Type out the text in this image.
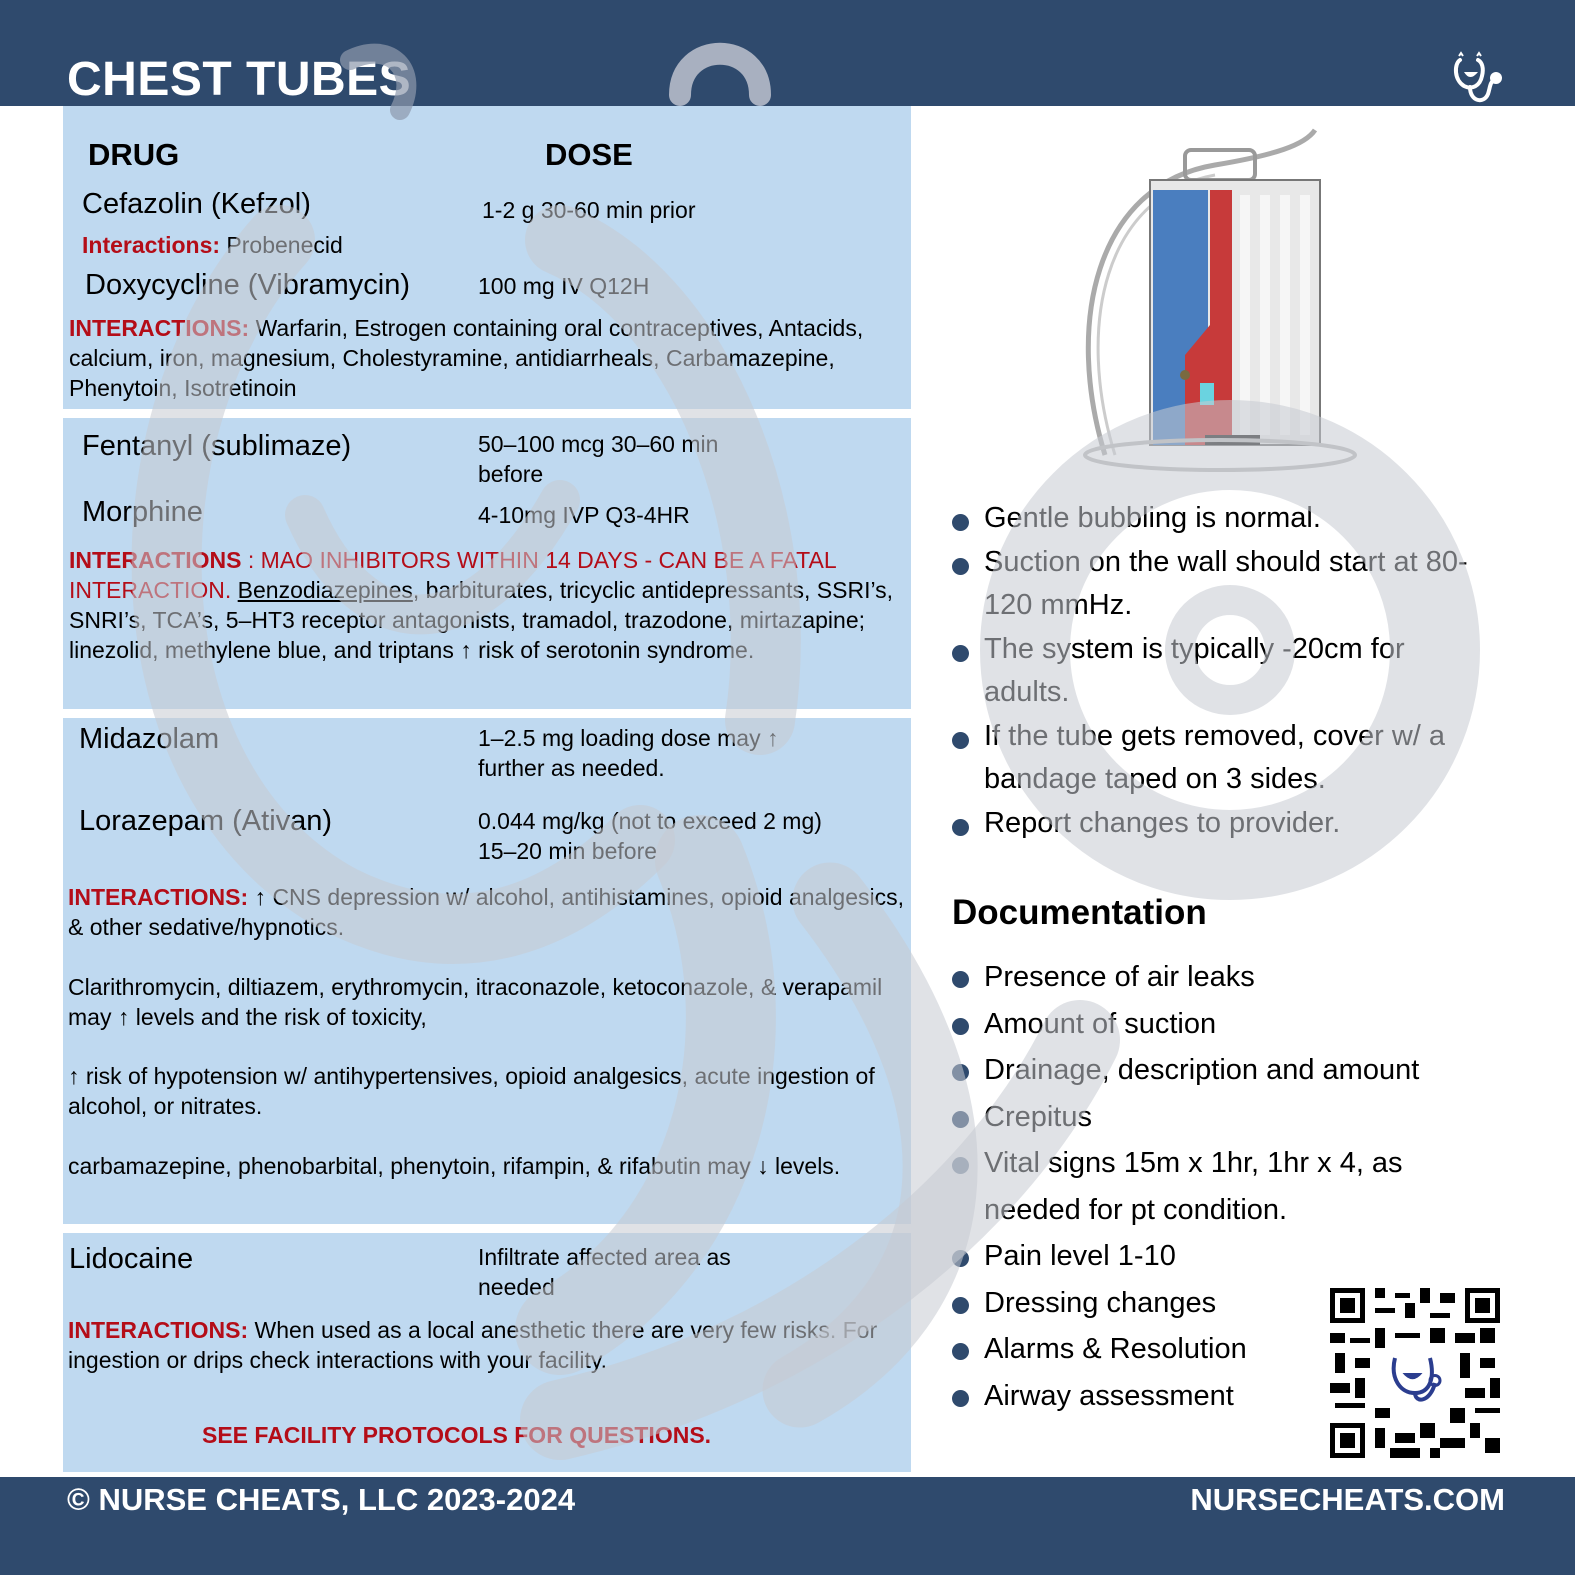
CHEST TUBES
DRUG	DOSE
Cefazolin (Kefzol)	1-2 g 30-60 min prior
Interactions: Probenecid
Doxycycline (Vibramycin)	100 mg IV Q12H
INTERACTIONS: Warfarin, Estrogen containing oral contraceptives, Antacids, calcium, iron, magnesium, Cholestyramine, antidiarrheals, Carbamazepine, Phenytoin, Isotretinoin
Fentanyl (sublimaze)	50–100 mcg 30–60 min before
Morphine	4-10mg IVP Q3-4HR
INTERACTIONS : MAO INHIBITORS WITHIN 14 DAYS - CAN BE A FATAL INTERACTION. Benzodiazepines, barbiturates, tricyclic antidepressants, SSRI’s, SNRI’s, TCA’s, 5–HT3 receptor antagonists, tramadol, trazodone, mirtazapine; linezolid, methylene blue, and triptans ↑ risk of serotonin syndrome.
Midazolam	1–2.5 mg loading dose may ↑ further as needed.
Lorazepam (Ativan)	0.044 mg/kg (not to exceed 2 mg) 15–20 min before
INTERACTIONS: ↑ CNS depression w/ alcohol, antihistamines, opioid analgesics, & other sedative/hypnotics.
Clarithromycin, diltiazem, erythromycin, itraconazole, ketoconazole, & verapamil may ↑ levels and the risk of toxicity,
↑ risk of hypotension w/ antihypertensives, opioid analgesics, acute ingestion of alcohol, or nitrates.
carbamazepine, phenobarbital, phenytoin, rifampin, & rifabutin may ↓ levels.
Lidocaine	Infiltrate affected area as needed
INTERACTIONS: When used as a local anesthetic there are very few risks. For ingestion or drips check interactions with your facility.
SEE FACILITY PROTOCOLS FOR QUESTIONS.
Gentle bubbling is normal.
Suction on the wall should start at 80-120 mmHz.
The system is typically -20cm for adults.
If the tube gets removed, cover w/ a bandage taped on 3 sides.
Report changes to provider.
Documentation
Presence of air leaks
Amount of suction
Drainage, description and amount
Crepitus
Vital signs 15m x 1hr, 1hr x 4, as needed for pt condition.
Pain level 1-10
Dressing changes
Alarms & Resolution
Airway assessment
© NURSE CHEATS, LLC 2023-2024	NURSECHEATS.COM
